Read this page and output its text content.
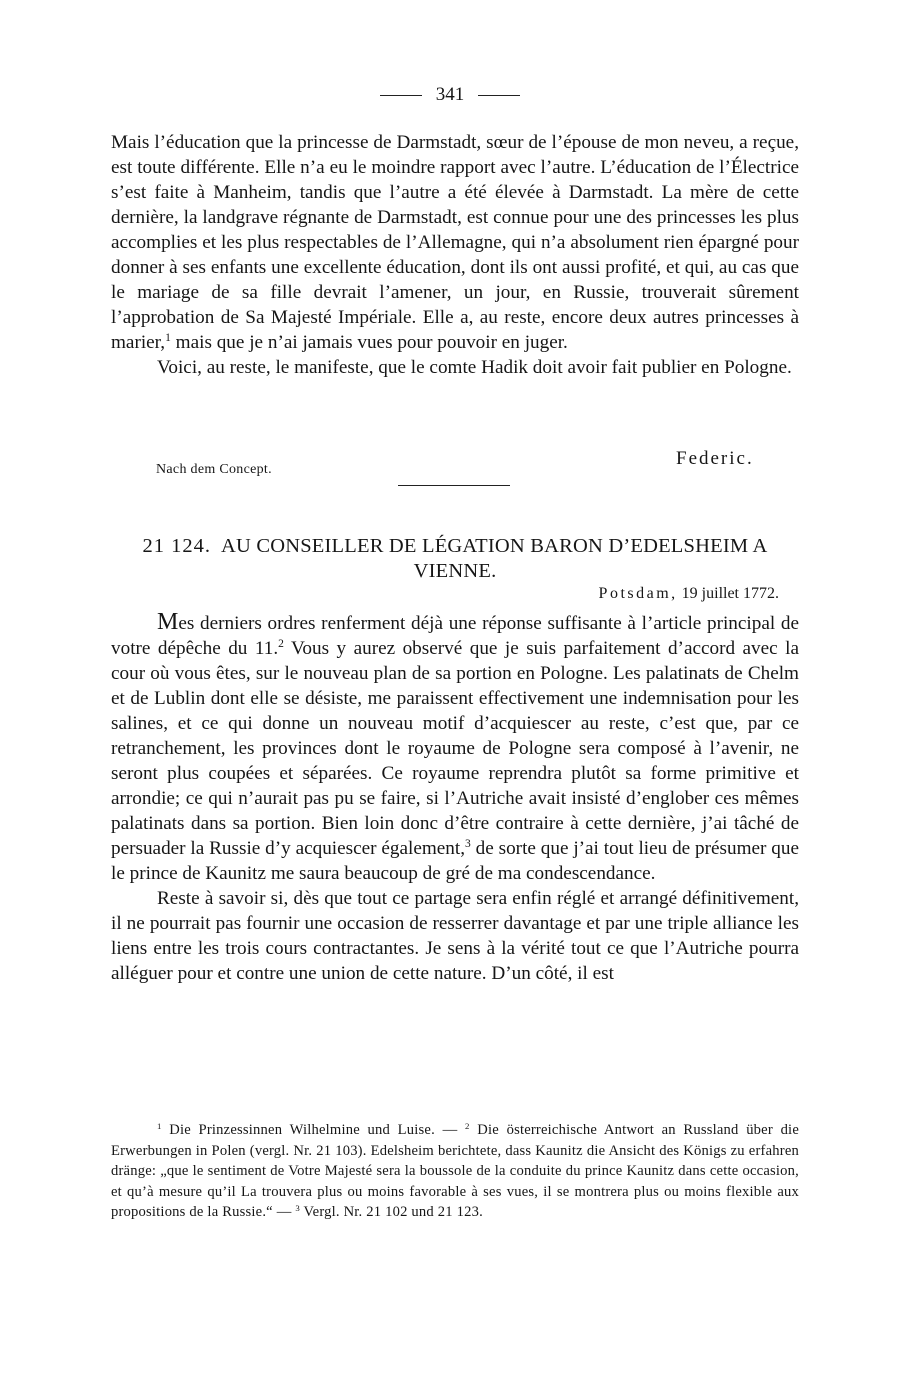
341

Mais l’éducation que la princesse de Darmstadt, sœur de l’épouse de mon neveu, a reçue, est toute différente. Elle n’a eu le moindre rapport avec l’autre. L’éducation de l’Électrice s’est faite à Manheim, tandis que l’autre a été élevée à Darmstadt. La mère de cette dernière, la landgrave régnante de Darmstadt, est connue pour une des princesses les plus accomplies et les plus respectables de l’Allemagne, qui n’a absolument rien épargné pour donner à ses enfants une excellente éducation, dont ils ont aussi profité, et qui, au cas que le mariage de sa fille devrait l’amener, un jour, en Russie, trouverait sûrement l’approbation de Sa Majesté Impériale. Elle a, au reste, encore deux autres princesses à marier,$^1$ mais que je n’ai jamais vues pour pouvoir en juger.

Voici, au reste, le manifeste, que le comte Hadik doit avoir fait publier en Pologne.

Federic.
Nach dem Concept.
21 124. AU CONSEILLER DE LÉGATION BARON D’EDELSHEIM A VIENNE.
Potsdam, 19 juillet 1772.

Mes derniers ordres renferment déjà une réponse suffisante à l’article principal de votre dépêche du 11.$^2$ Vous y aurez observé que je suis parfaitement d’accord avec la cour où vous êtes, sur le nouveau plan de sa portion en Pologne. Les palatinats de Chelm et de Lublin dont elle se désiste, me paraissent effectivement une indemnisation pour les salines, et ce qui donne un nouveau motif d’acquiescer au reste, c’est que, par ce retranchement, les provinces dont le royaume de Pologne sera composé à l’avenir, ne seront plus coupées et séparées. Ce royaume reprendra plutôt sa forme primitive et arrondie; ce qui n’aurait pas pu se faire, si l’Autriche avait insisté d’englober ces mêmes palatinats dans sa portion. Bien loin donc d’être contraire à cette dernière, j’ai tâché de persuader la Russie d’y acquiescer également,$^3$ de sorte que j’ai tout lieu de présumer que le prince de Kaunitz me saura beaucoup de gré de ma condescendance.

Reste à savoir si, dès que tout ce partage sera enfin réglé et arrangé définitivement, il ne pourrait pas fournir une occasion de resserrer davantage et par une triple alliance les liens entre les trois cours contractantes. Je sens à la vérité tout ce que l’Autriche pourra alléguer pour et contre une union de cette nature. D’un côté, il est

$^1$ Die Prinzessinnen Wilhelmine und Luise. — $^2$ Die österreichische Antwort an Russland über die Erwerbungen in Polen (vergl. Nr. 21 103). Edelsheim berichtete, dass Kaunitz die Ansicht des Königs zu erfahren dränge: „que le sentiment de Votre Majesté sera la boussole de la conduite du prince Kaunitz dans cette occasion, et qu’à mesure qu’il La trouvera plus ou moins favorable à ses vues, il se montrera plus ou moins flexible aux propositions de la Russie.“ — $^3$ Vergl. Nr. 21 102 und 21 123.
